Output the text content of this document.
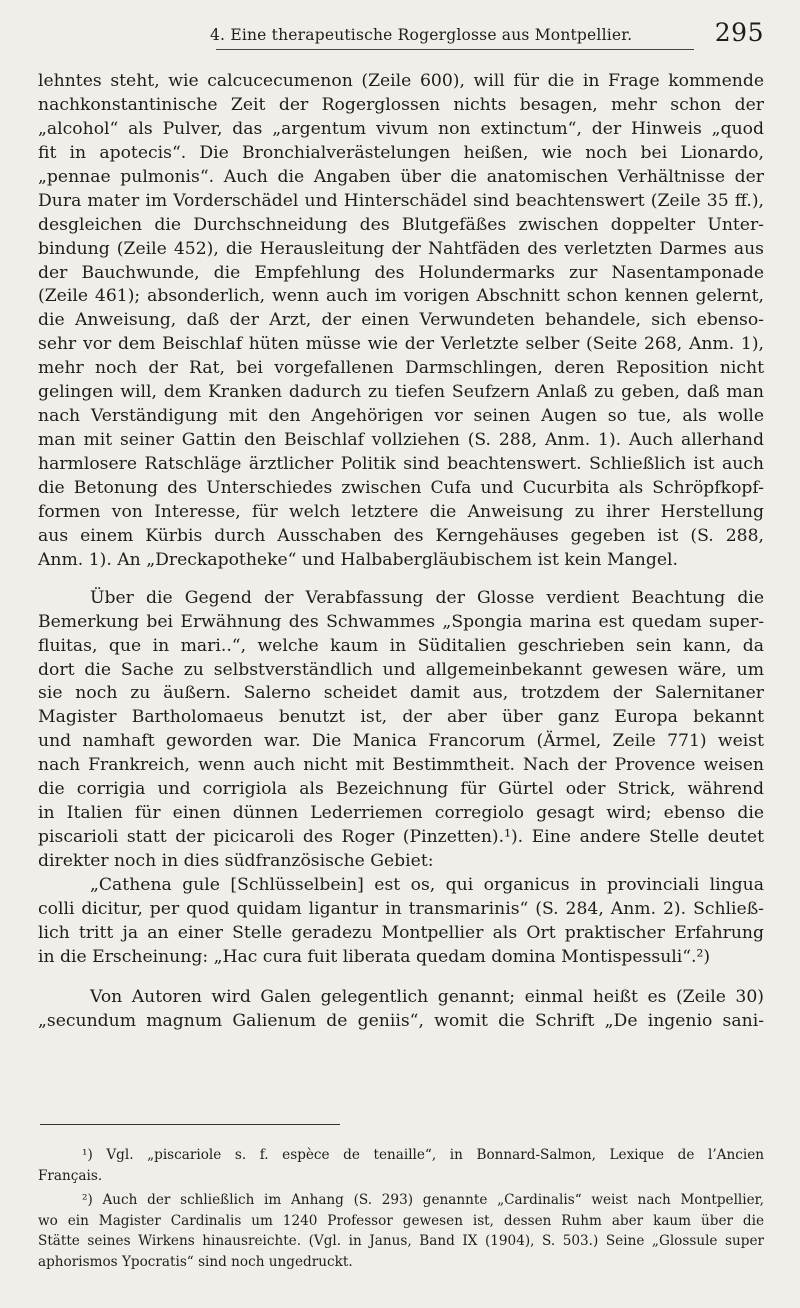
4. Eine therapeutische Rogerglosse aus Montpellier.	295
lehntes steht, wie calcucecumenon (Zeile 600), will für die in Frage kommende
nachkonstantinische Zeit der Rogerglossen nichts besagen, mehr schon der
„alcohol“ als Pulver, das „argentum vivum non extinctum“, der Hinweis „quod
fit in apotecis“. Die Bronchialverästelungen heißen, wie noch bei Lionardo,
„pennae pulmonis“. Auch die Angaben über die anatomischen Verhältnisse der
Dura mater im Vorderschädel und Hinterschädel sind beachtenswert (Zeile 35 ff.),
desgleichen die Durchschneidung des Blutgefäßes zwischen doppelter Unter-
bindung (Zeile 452), die Herausleitung der Nahtfäden des verletzten Darmes aus
der Bauchwunde, die Empfehlung des Holundermarks zur Nasentamponade
(Zeile 461); absonderlich, wenn auch im vorigen Abschnitt schon kennen gelernt,
die Anweisung, daß der Arzt, der einen Verwundeten behandele, sich ebenso-
sehr vor dem Beischlaf hüten müsse wie der Verletzte selber (Seite 268, Anm. 1),
mehr noch der Rat, bei vorgefallenen Darmschlingen, deren Reposition nicht
gelingen will, dem Kranken dadurch zu tiefen Seufzern Anlaß zu geben, daß man
nach Verständigung mit den Angehörigen vor seinen Augen so tue, als wolle
man mit seiner Gattin den Beischlaf vollziehen (S. 288, Anm. 1). Auch allerhand
harmlosere Ratschläge ärztlicher Politik sind beachtenswert. Schließlich ist auch
die Betonung des Unterschiedes zwischen Cufa und Cucurbita als Schröpfkopf-
formen von Interesse, für welch letztere die Anweisung zu ihrer Herstellung
aus einem Kürbis durch Ausschaben des Kerngehäuses gegeben ist (S. 288,
Anm. 1). An „Dreckapotheke“ und Halbabergläubischem ist kein Mangel.
Über die Gegend der Verabfassung der Glosse verdient Beachtung die
Bemerkung bei Erwähnung des Schwammes „Spongia marina est quedam super-
fluitas, que in mari..“, welche kaum in Süditalien geschrieben sein kann, da
dort die Sache zu selbstverständlich und allgemeinbekannt gewesen wäre, um
sie noch zu äußern. Salerno scheidet damit aus, trotzdem der Salernitaner
Magister Bartholomaeus benutzt ist, der aber über ganz Europa bekannt
und namhaft geworden war. Die Manica Francorum (Ärmel, Zeile 771) weist
nach Frankreich, wenn auch nicht mit Bestimmtheit. Nach der Provence weisen
die corrigia und corrigiola als Bezeichnung für Gürtel oder Strick, während
in Italien für einen dünnen Lederriemen corregiolo gesagt wird; ebenso die
piscarioli statt der picicaroli des Roger (Pinzetten).¹). Eine andere Stelle deutet
direkter noch in dies südfranzösische Gebiet:
„Cathena gule [Schlüsselbein] est os, qui organicus in provinciali lingua
colli dicitur, per quod quidam ligantur in transmarinis“ (S. 284, Anm. 2). Schließ-
lich tritt ja an einer Stelle geradezu Montpellier als Ort praktischer Erfahrung
in die Erscheinung: „Hac cura fuit liberata quedam domina Montispessuli“.²)
Von Autoren wird Galen gelegentlich genannt; einmal heißt es (Zeile 30)
„secundum magnum Galienum de geniis“, womit die Schrift „De ingenio sani-
¹) Vgl. „piscariole s. f. espèce de tenaille“, in Bonnard-Salmon, Lexique de l’Ancien
Français.
²) Auch der schließlich im Anhang (S. 293) genannte „Cardinalis“ weist nach Montpellier,
wo ein Magister Cardinalis um 1240 Professor gewesen ist, dessen Ruhm aber kaum über die
Stätte seines Wirkens hinausreichte. (Vgl. in Janus, Band IX (1904), S. 503.) Seine „Glossule super
aphorismos Ypocratis“ sind noch ungedruckt.
